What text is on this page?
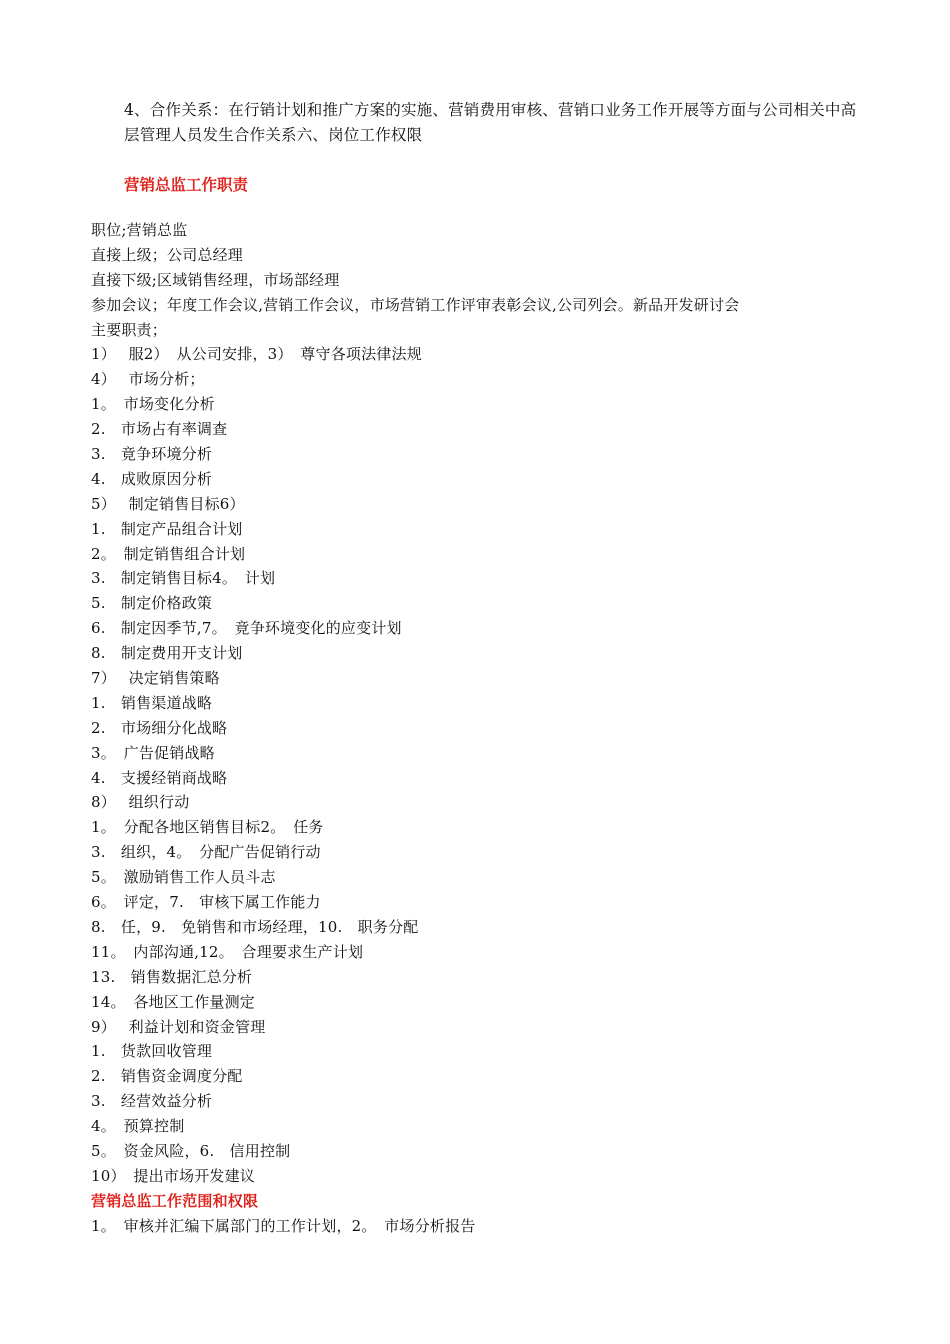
4、合作关系：在行销计划和推广方案的实施、营销费用审核、营销口业务工作开展等方面与公司相关中高层管理人员发生合作关系六、岗位工作权限
营销总监工作职责
职位;营销总监
直接上级；公司总经理
直接下级;区域销售经理，市场部经理
参加会议；年度工作会议,营销工作会议，市场营销工作评审表彰会议,公司列会。新品开发研讨会
主要职责；
1）　 服2）　从公司安排，3）　尊守各项法律法规
4）　 市场分析；
1。　市场变化分析
2.　市场占有率调查
3.　竟争环境分析
4.　成败原因分析
5）　 制定销售目标6）
1.　制定产品组合计划
2。　制定销售组合计划
3.　制定销售目标4。　计划
5.　制定价格政策
6.　制定因季节,7。　竟争环境变化的应变计划
8.　制定费用开支计划
7）　 决定销售策略
1.　销售渠道战略
2.　市场细分化战略
3。　广告促销战略
4.　支援经销商战略
8）　 组织行动
1。　分配各地区销售目标2。　任务
3.　组织，4。　分配广告促销行动
5。　激励销售工作人员斗志
6。　评定，7.　审核下属工作能力
8.　任，9.　免销售和市场经理，10.　职务分配
11。　内部沟通,12。　合理要求生产计划
13.　销售数据汇总分析
14。　各地区工作量测定
9）　 利益计划和资金管理
1.　货款回收管理
2.　销售资金调度分配
3.　经营效益分析
4。　预算控制
5。　资金风险，6.　信用控制
10）　提出市场开发建议
营销总监工作范围和权限
1。　审核并汇编下属部门的工作计划，2。　市场分析报告
